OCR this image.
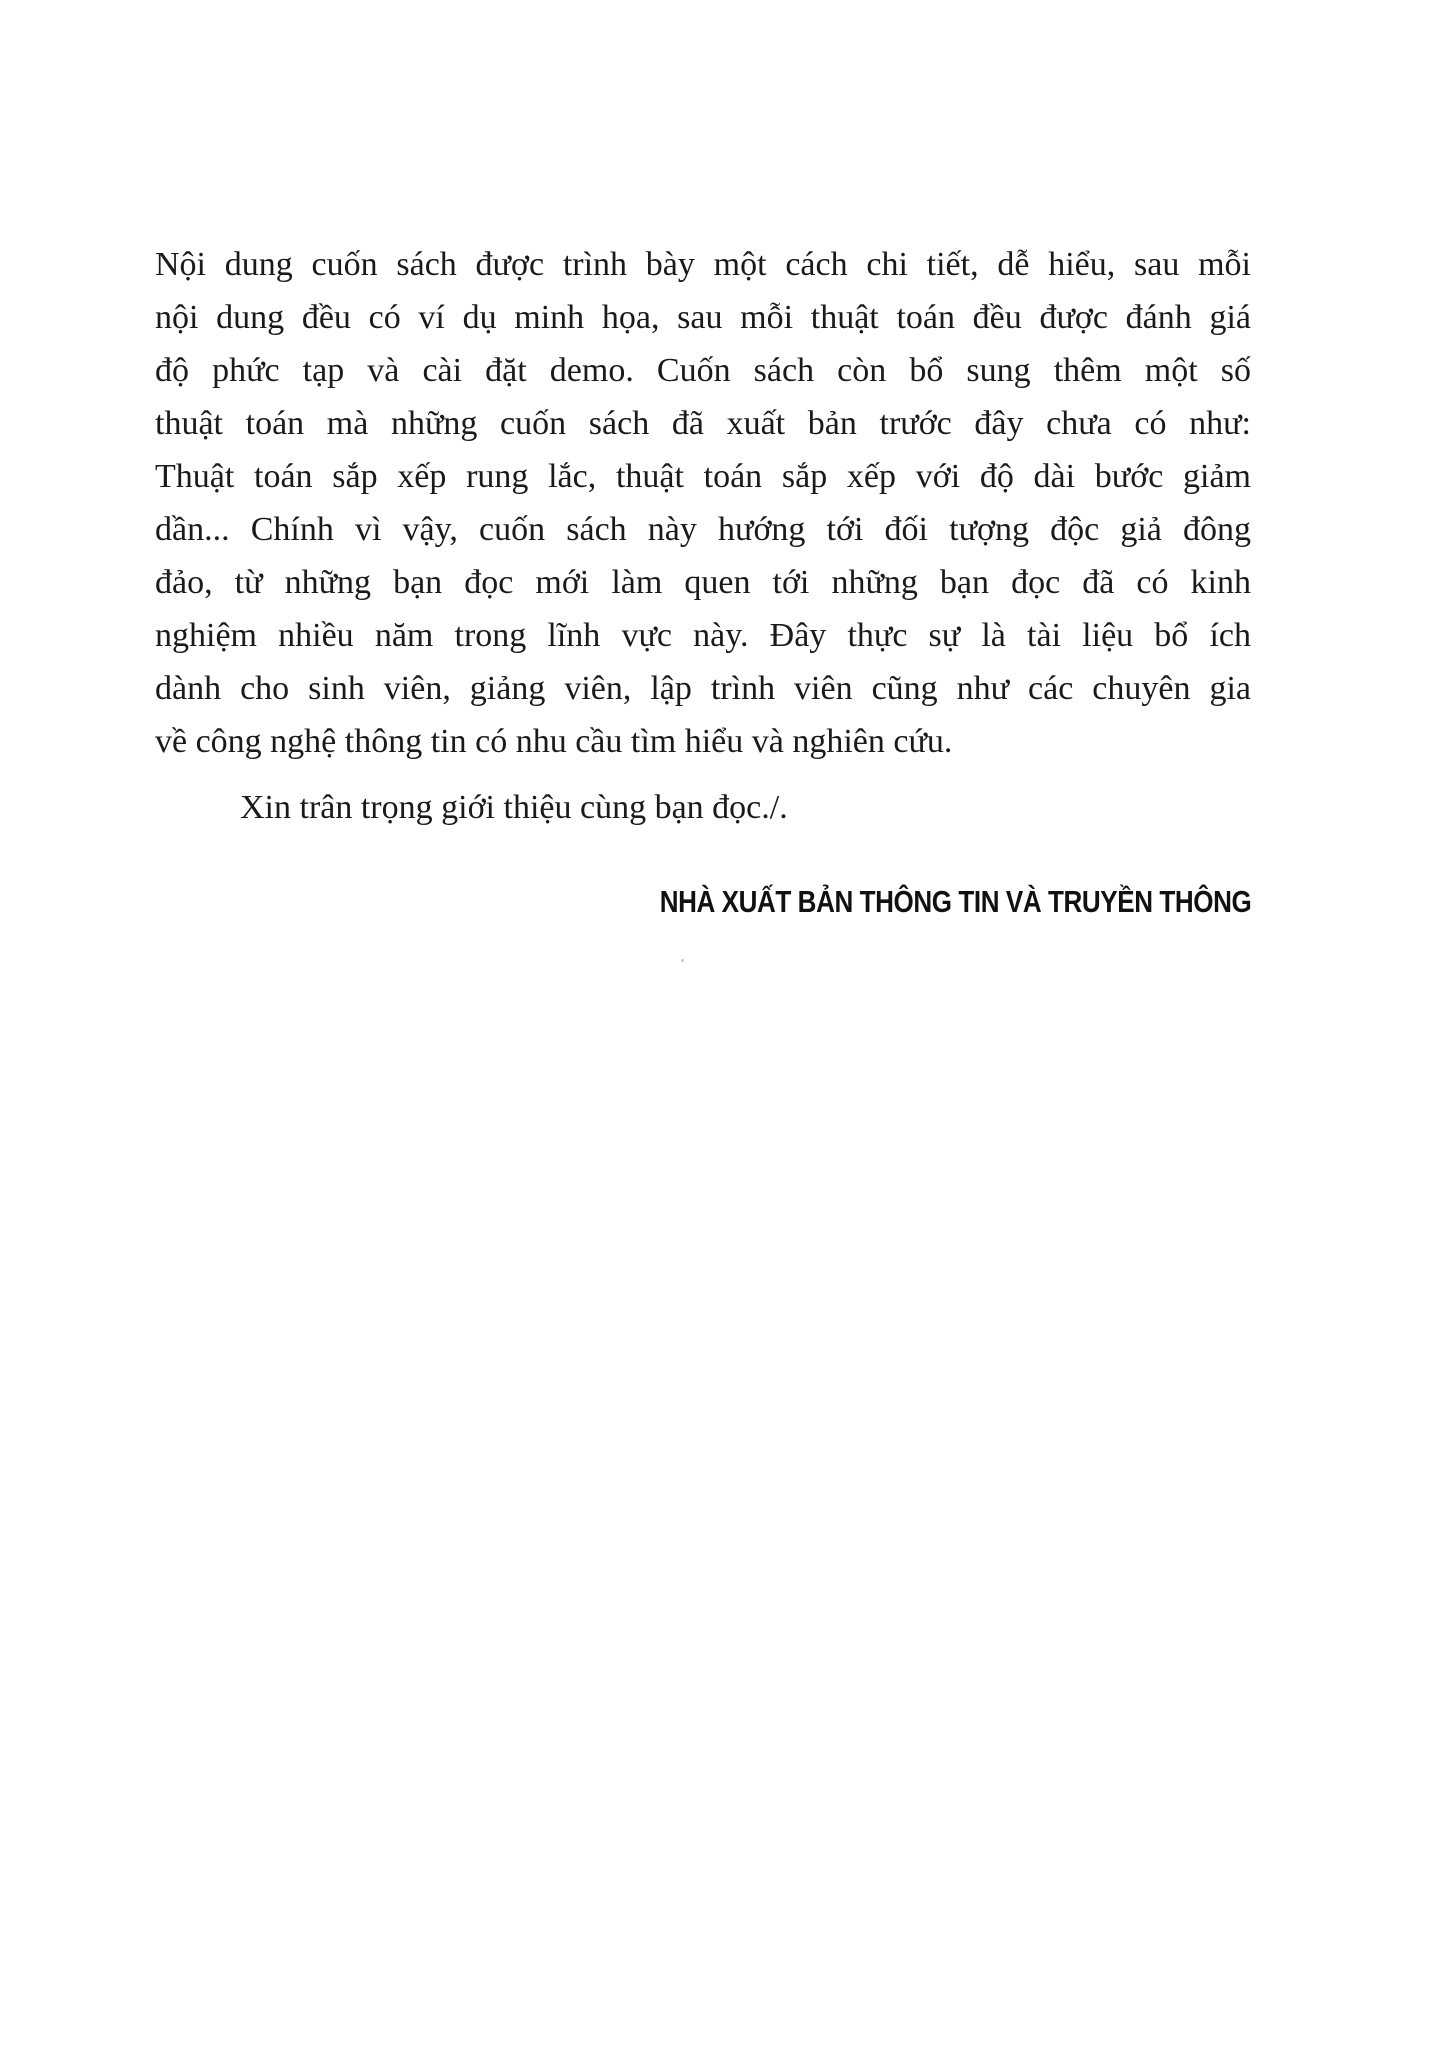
Nội dung cuốn sách được trình bày một cách chi tiết, dễ hiểu, sau mỗi
nội dung đều có ví dụ minh họa, sau mỗi thuật toán đều được đánh giá
độ phức tạp và cài đặt demo. Cuốn sách còn bổ sung thêm một số
thuật toán mà những cuốn sách đã xuất bản trước đây chưa có như:
Thuật toán sắp xếp rung lắc, thuật toán sắp xếp với độ dài bước giảm
dần... Chính vì vậy, cuốn sách này hướng tới đối tượng độc giả đông
đảo, từ những bạn đọc mới làm quen tới những bạn đọc đã có kinh
nghiệm nhiều năm trong lĩnh vực này. Đây thực sự là tài liệu bổ ích
dành cho sinh viên, giảng viên, lập trình viên cũng như các chuyên gia
về công nghệ thông tin có nhu cầu tìm hiểu và nghiên cứu.

Xin trân trọng giới thiệu cùng bạn đọc./.

NHÀ XUẤT BẢN THÔNG TIN VÀ TRUYỀN THÔNG
